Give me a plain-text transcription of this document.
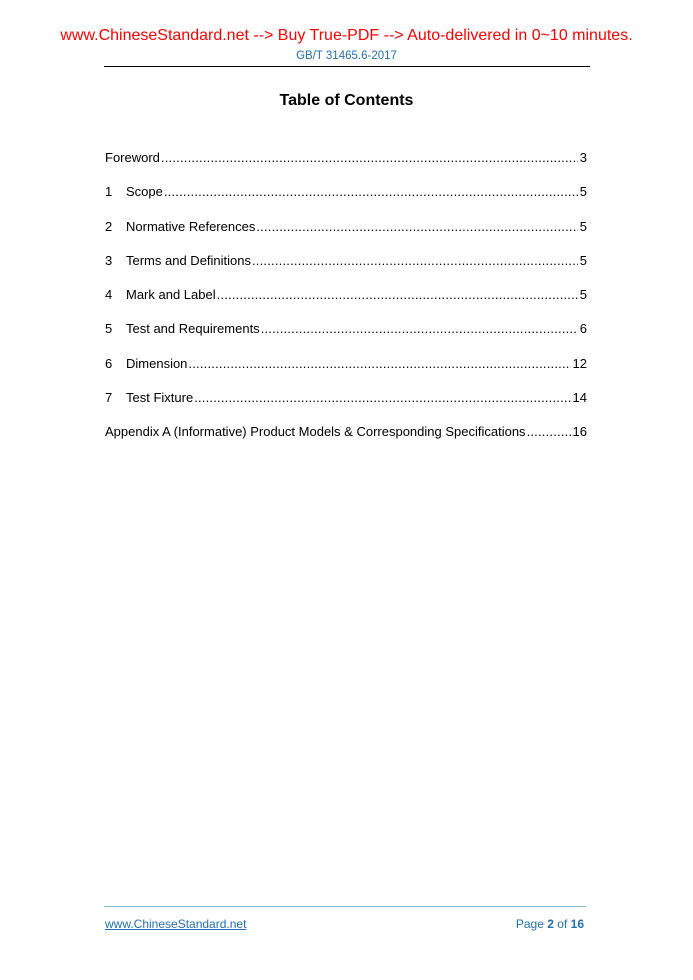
www.ChineseStandard.net --> Buy True-PDF --> Auto-delivered in 0~10 minutes.
GB/T 31465.6-2017
Table of Contents
Foreword .....	3
1	Scope .....	5
2	Normative References .....	5
3	Terms and Definitions .....	5
4	Mark and Label .....	5
5	Test and Requirements .....	6
6	Dimension .....	12
7	Test Fixture .....	14
Appendix A (Informative) Product Models & Corresponding Specifications .....	16
www.ChineseStandard.net	Page 2 of 16
